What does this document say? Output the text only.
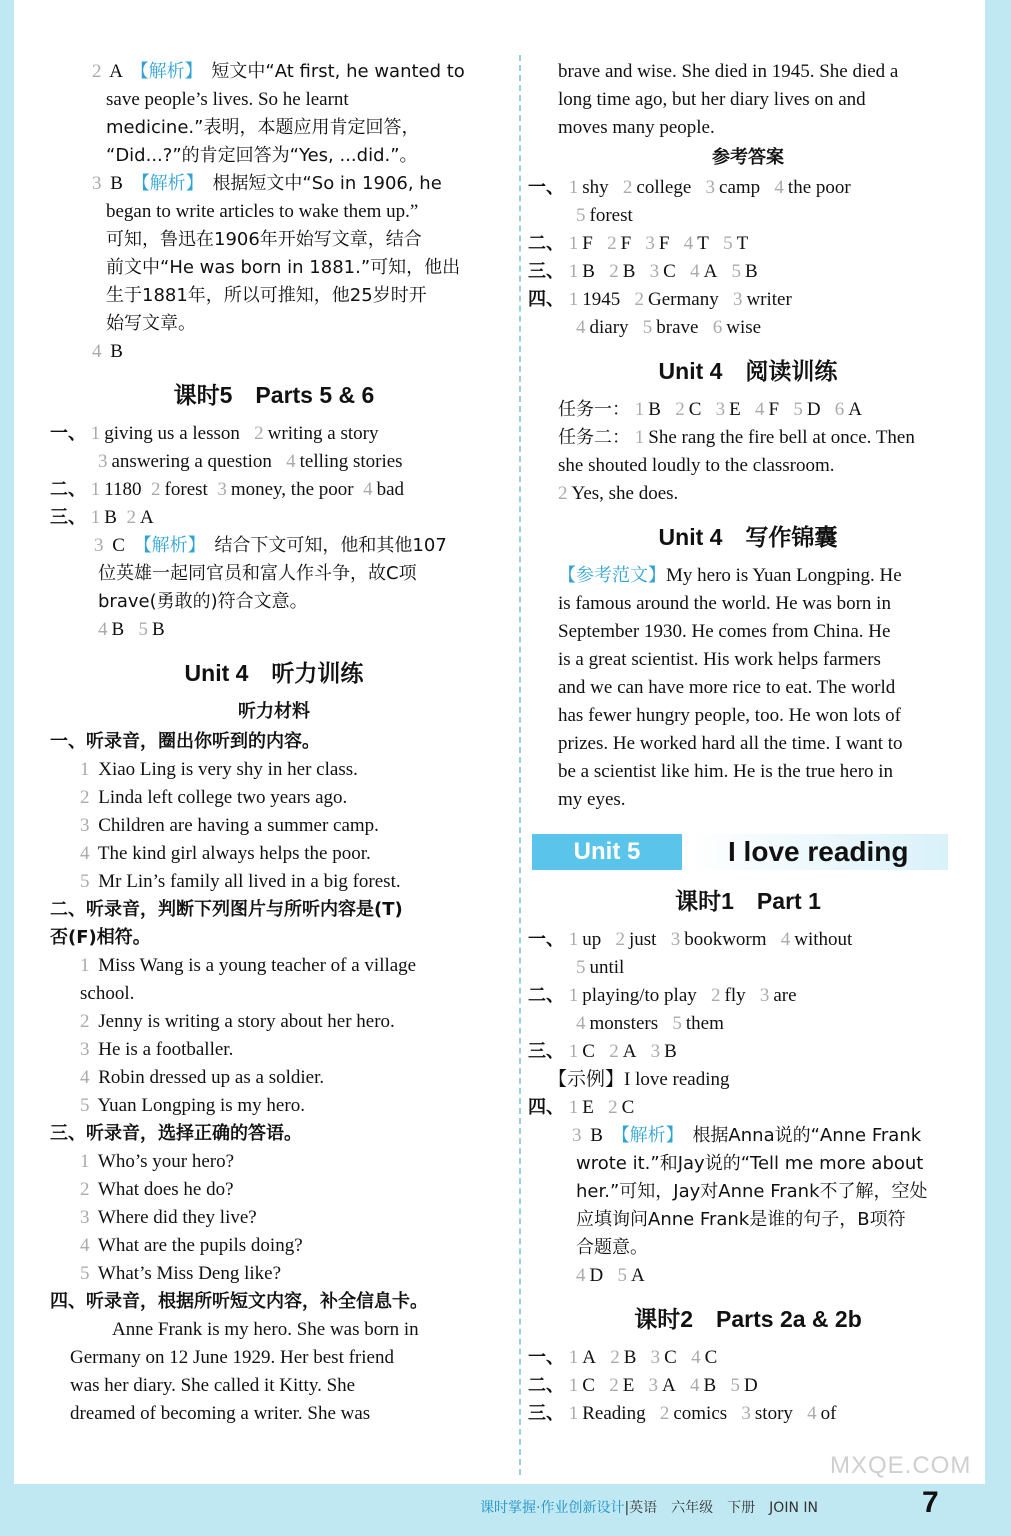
2 A 【解析】 短文中“At first, he wanted to
save people’s lives. So he learnt
medicine.”表明，本题应用肯定回答，
“Did...?”的肯定回答为“Yes, ...did.”。
3 B 【解析】 根据短文中“So in 1906, he
began to write articles to wake them up.”
可知，鲁迅在1906年开始写文章，结合
前文中“He was born in 1881.”可知，他出
生于1881年，所以可推知，他25岁时开
始写文章。
4 B
课时5　Parts 5 & 6
一、 1 giving us a lesson 2 writing a story
3 answering a question 4 telling stories
二、 1 1180 2 forest 3 money, the poor 4 bad
三、 1 B 2 A
3 C 【解析】 结合下文可知，他和其他107
位英雄一起同官员和富人作斗争，故C项
brave(勇敢的)符合文意。
4 B 5 B
Unit 4　听力训练
听力材料
一、听录音，圈出你听到的内容。
1 Xiao Ling is very shy in her class.
2 Linda left college two years ago.
3 Children are having a summer camp.
4 The kind girl always helps the poor.
5 Mr Lin’s family all lived in a big forest.
二、听录音，判断下列图片与所听内容是(T)
否(F)相符。
1 Miss Wang is a young teacher of a village
school.
2 Jenny is writing a story about her hero.
3 He is a footballer.
4 Robin dressed up as a soldier.
5 Yuan Longping is my hero.
三、听录音，选择正确的答语。
1 Who’s your hero?
2 What does he do?
3 Where did they live?
4 What are the pupils doing?
5 What’s Miss Deng like?
四、听录音，根据所听短文内容，补全信息卡。
Anne Frank is my hero. She was born in
Germany on 12 June 1929. Her best friend
was her diary. She called it Kitty. She
dreamed of becoming a writer. She was
brave and wise. She died in 1945. She died a
long time ago, but her diary lives on and
moves many people.
参考答案
一、 1 shy 2 college 3 camp 4 the poor
5 forest
二、 1 F 2 F 3 F 4 T 5 T
三、 1 B 2 B 3 C 4 A 5 B
四、 1 1945 2 Germany 3 writer
4 diary 5 brave 6 wise
Unit 4　阅读训练
任务一： 1 B 2 C 3 E 4 F 5 D 6 A
任务二： 1 She rang the fire bell at once. Then
she shouted loudly to the classroom.
2 Yes, she does.
Unit 4　写作锦囊
【参考范文】My hero is Yuan Longping. He
is famous around the world. He was born in
September 1930. He comes from China. He
is a great scientist. His work helps farmers
and we can have more rice to eat. The world
has fewer hungry people, too. He won lots of
prizes. He worked hard all the time. I want to
be a scientist like him. He is the true hero in
my eyes.
Unit 5	I love reading
课时1　Part 1
一、 1 up 2 just 3 bookworm 4 without
5 until
二、 1 playing/to play 2 fly 3 are
4 monsters 5 them
三、 1 C 2 A 3 B
【示例】I love reading
四、 1 E 2 C
3 B 【解析】 根据Anna说的“Anne Frank
wrote it.”和Jay说的“Tell me more about
her.”可知，Jay对Anne Frank不了解，空处
应填询问Anne Frank是谁的句子，B项符
合题意。
4 D 5 A
课时2　Parts 2a & 2b
一、 1 A 2 B 3 C 4 C
二、 1 C 2 E 3 A 4 B 5 D
三、 1 Reading 2 comics 3 story 4 of
课时掌握·作业创新设计|英语　六年级　下册　JOIN IN
MXQE.COM
7
